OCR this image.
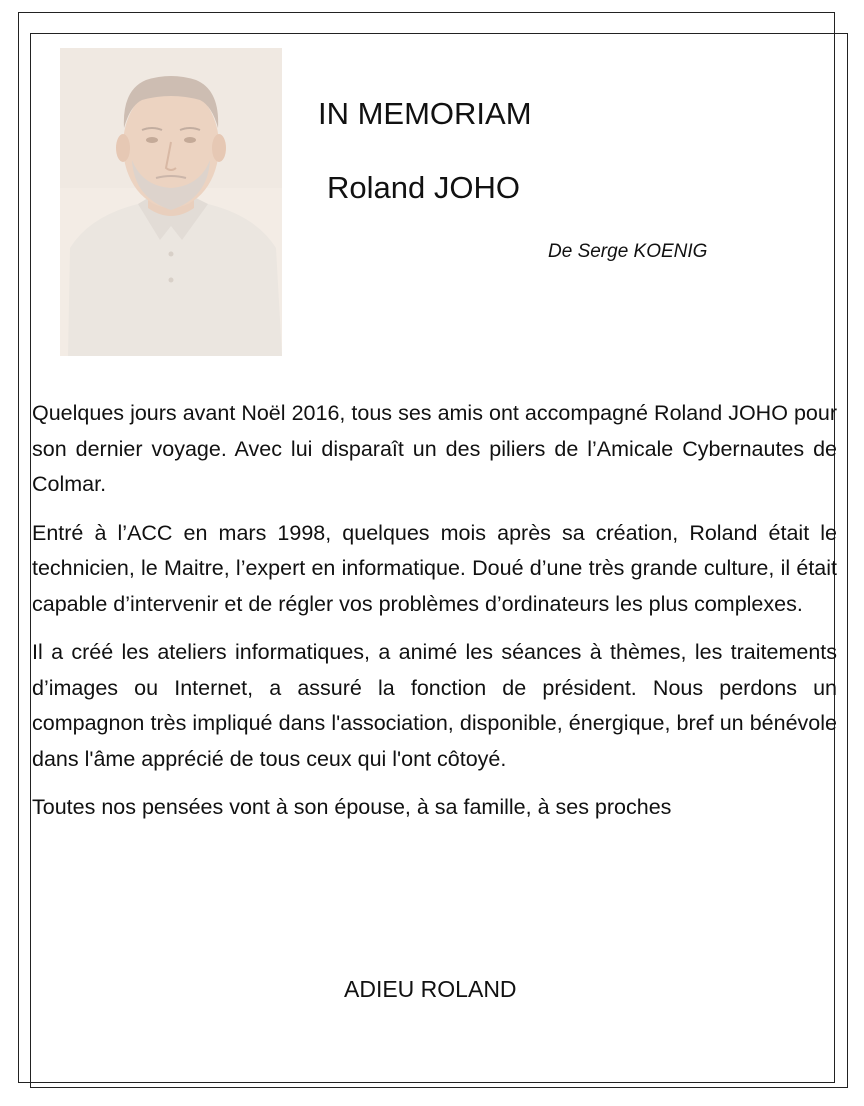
IN MEMORIAM
Roland JOHO
De Serge KOENIG

Quelques jours avant Noël 2016, tous ses amis ont accompagné Roland JOHO pour son dernier voyage. Avec lui disparaît un des piliers de l’Amicale Cybernautes de Colmar.

Entré à l’ACC en mars 1998, quelques mois après sa création, Roland était le technicien, le Maitre, l’expert en informatique. Doué d’une très grande culture, il était capable d’intervenir et de régler vos problèmes d’ordinateurs les plus complexes.

Il a créé les ateliers informatiques, a animé les séances à thèmes, les traitements d’images ou Internet, a assuré la fonction de président. Nous perdons un compagnon très impliqué dans l'association, disponible, énergique, bref un bénévole dans l'âme apprécié de tous ceux qui l'ont côtoyé.

Toutes nos pensées vont à son épouse, à sa famille, à ses proches

ADIEU ROLAND
